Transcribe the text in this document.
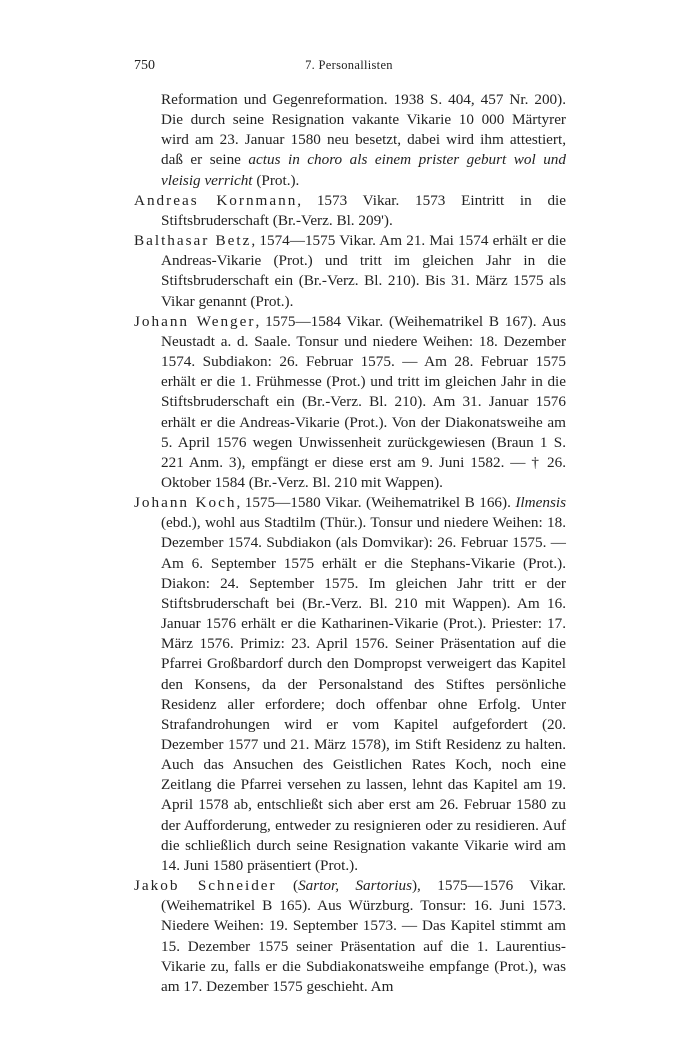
750	7. Personallisten

Reformation und Gegenreformation. 1938 S. 404, 457 Nr. 200). Die durch seine Resignation vakante Vikarie 10 000 Märtyrer wird am 23. Januar 1580 neu besetzt, dabei wird ihm attestiert, daß er seine actus in choro als einem prister geburt wol und vleisig verricht (Prot.).

Andreas Kornmann, 1573 Vikar. 1573 Eintritt in die Stiftsbruderschaft (Br.-Verz. Bl. 209').

Balthasar Betz, 1574—1575 Vikar. Am 21. Mai 1574 erhält er die Andreas-Vikarie (Prot.) und tritt im gleichen Jahr in die Stiftsbruderschaft ein (Br.-Verz. Bl. 210). Bis 31. März 1575 als Vikar genannt (Prot.).

Johann Wenger, 1575—1584 Vikar. (Weihematrikel B 167). Aus Neustadt a. d. Saale. Tonsur und niedere Weihen: 18. Dezember 1574. Subdiakon: 26. Februar 1575. — Am 28. Februar 1575 erhält er die 1. Frühmesse (Prot.) und tritt im gleichen Jahr in die Stiftsbruderschaft ein (Br.-Verz. Bl. 210). Am 31. Januar 1576 erhält er die Andreas-Vikarie (Prot.). Von der Diakonatsweihe am 5. April 1576 wegen Unwissenheit zurückgewiesen (Braun 1 S. 221 Anm. 3), empfängt er diese erst am 9. Juni 1582. — † 26. Oktober 1584 (Br.-Verz. Bl. 210 mit Wappen).

Johann Koch, 1575—1580 Vikar. (Weihematrikel B 166). Ilmensis (ebd.), wohl aus Stadtilm (Thür.). Tonsur und niedere Weihen: 18. Dezember 1574. Subdiakon (als Domvikar): 26. Februar 1575. — Am 6. September 1575 erhält er die Stephans-Vikarie (Prot.). Diakon: 24. September 1575. Im gleichen Jahr tritt er der Stiftsbruderschaft bei (Br.-Verz. Bl. 210 mit Wappen). Am 16. Januar 1576 erhält er die Katharinen-Vikarie (Prot.). Priester: 17. März 1576. Primiz: 23. April 1576. Seiner Präsentation auf die Pfarrei Großbardorf durch den Dompropst verweigert das Kapitel den Konsens, da der Personalstand des Stiftes persönliche Residenz aller erfordere; doch offenbar ohne Erfolg. Unter Strafandrohungen wird er vom Kapitel aufgefordert (20. Dezember 1577 und 21. März 1578), im Stift Residenz zu halten. Auch das Ansuchen des Geistlichen Rates Koch, noch eine Zeitlang die Pfarrei versehen zu lassen, lehnt das Kapitel am 19. April 1578 ab, entschließt sich aber erst am 26. Februar 1580 zu der Aufforderung, entweder zu resignieren oder zu residieren. Auf die schließlich durch seine Resignation vakante Vikarie wird am 14. Juni 1580 präsentiert (Prot.).

Jakob Schneider (Sartor, Sartorius), 1575—1576 Vikar. (Weihematrikel B 165). Aus Würzburg. Tonsur: 16. Juni 1573. Niedere Weihen: 19. September 1573. — Das Kapitel stimmt am 15. Dezember 1575 seiner Präsentation auf die 1. Laurentius-Vikarie zu, falls er die Subdiakonatsweihe empfange (Prot.), was am 17. Dezember 1575 geschieht. Am
